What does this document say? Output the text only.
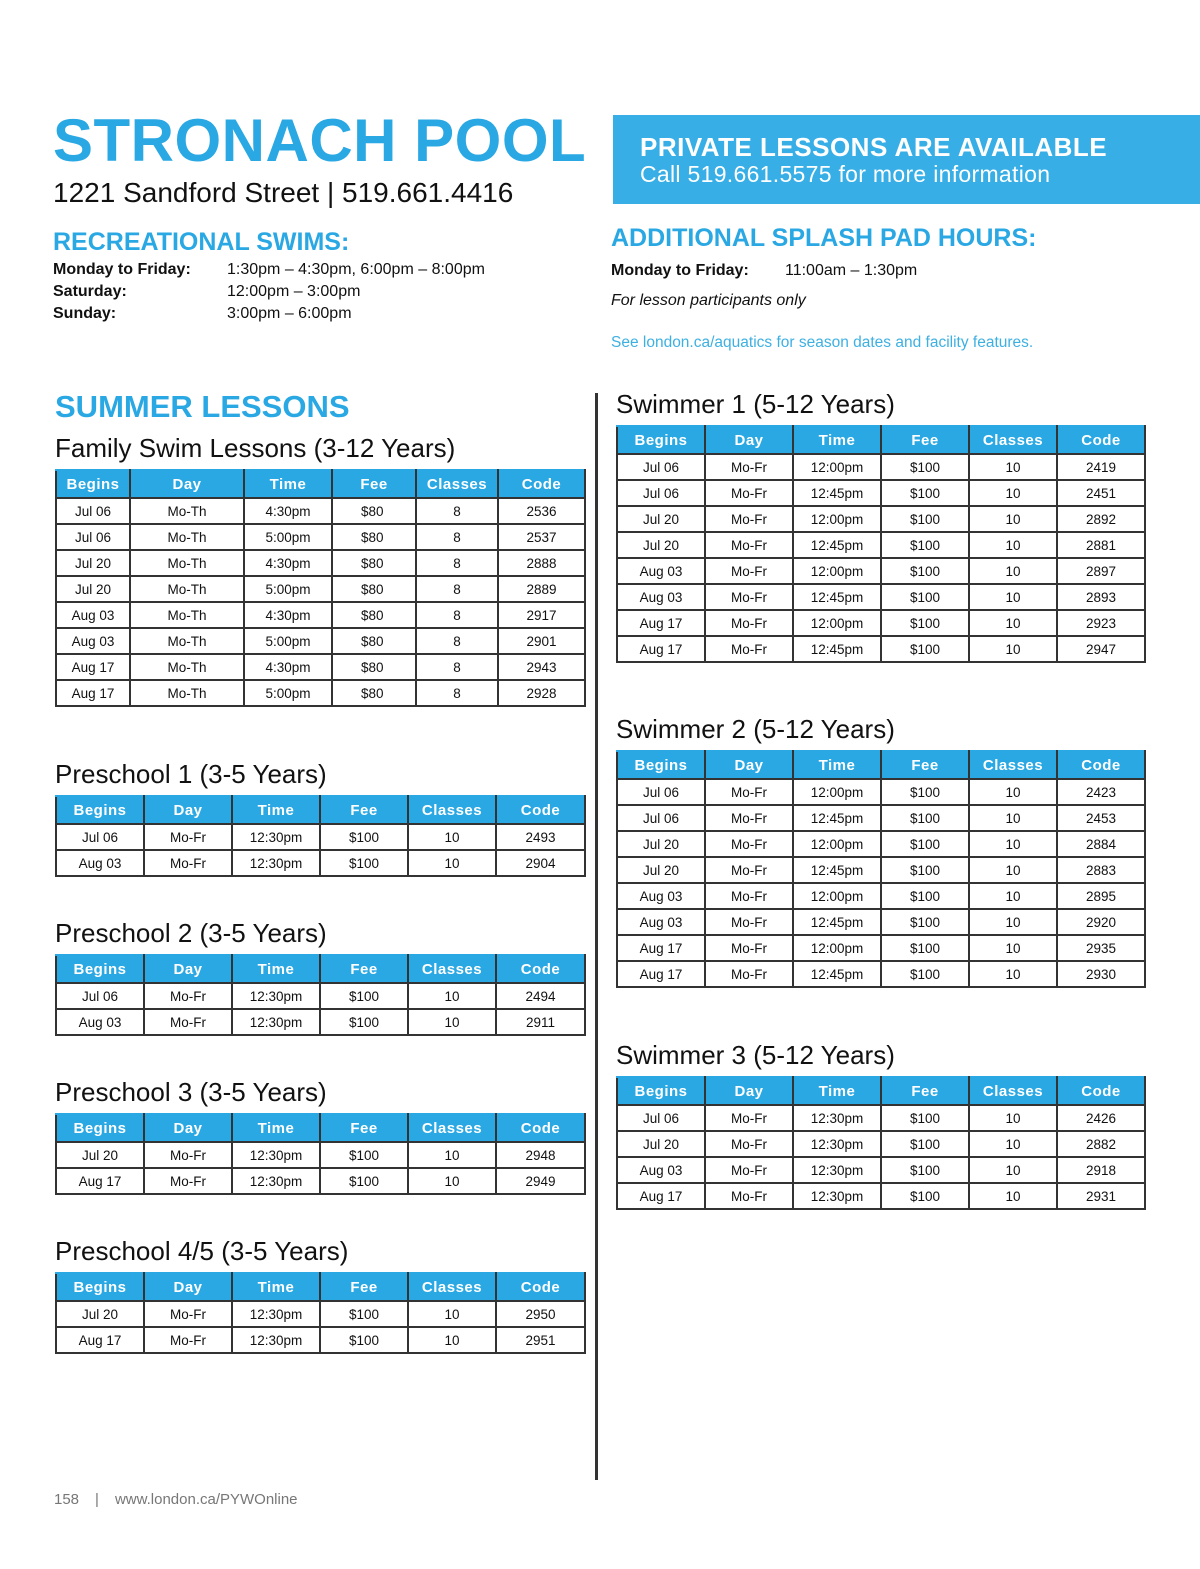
STRONACH POOL
1221 Sandford Street | 519.661.4416
PRIVATE LESSONS ARE AVAILABLE
Call 519.661.5575 for more information
RECREATIONAL SWIMS:
Monday to Friday:	1:30pm – 4:30pm, 6:00pm – 8:00pm
Saturday:	12:00pm – 3:00pm
Sunday:	3:00pm – 6:00pm
ADDITIONAL SPLASH PAD HOURS:
Monday to Friday:	11:00am – 1:30pm
For lesson participants only
See london.ca/aquatics for season dates and facility features.
SUMMER LESSONS
Family Swim Lessons (3-12 Years)
Preschool 1 (3-5 Years)
Preschool 2 (3-5 Years)
Preschool 3 (3-5 Years)
Preschool 4/5 (3-5 Years)
Swimmer 1 (5-12 Years)
Swimmer 2 (5-12 Years)
Swimmer 3 (5-12 Years)
Begins	Day	Time	Fee	Classes	Code
Jul 06	Mo-Th	4:30pm	$80	8	2536
Jul 06	Mo-Th	5:00pm	$80	8	2537
Jul 20	Mo-Th	4:30pm	$80	8	2888
Jul 20	Mo-Th	5:00pm	$80	8	2889
Aug 03	Mo-Th	4:30pm	$80	8	2917
Aug 03	Mo-Th	5:00pm	$80	8	2901
Aug 17	Mo-Th	4:30pm	$80	8	2943
Aug 17	Mo-Th	5:00pm	$80	8	2928
Begins	Day	Time	Fee	Classes	Code
Jul 06	Mo-Fr	12:30pm	$100	10	2493
Aug 03	Mo-Fr	12:30pm	$100	10	2904
Begins	Day	Time	Fee	Classes	Code
Jul 06	Mo-Fr	12:30pm	$100	10	2494
Aug 03	Mo-Fr	12:30pm	$100	10	2911
Begins	Day	Time	Fee	Classes	Code
Jul 20	Mo-Fr	12:30pm	$100	10	2948
Aug 17	Mo-Fr	12:30pm	$100	10	2949
Begins	Day	Time	Fee	Classes	Code
Jul 20	Mo-Fr	12:30pm	$100	10	2950
Aug 17	Mo-Fr	12:30pm	$100	10	2951
Begins	Day	Time	Fee	Classes	Code
Jul 06	Mo-Fr	12:00pm	$100	10	2419
Jul 06	Mo-Fr	12:45pm	$100	10	2451
Jul 20	Mo-Fr	12:00pm	$100	10	2892
Jul 20	Mo-Fr	12:45pm	$100	10	2881
Aug 03	Mo-Fr	12:00pm	$100	10	2897
Aug 03	Mo-Fr	12:45pm	$100	10	2893
Aug 17	Mo-Fr	12:00pm	$100	10	2923
Aug 17	Mo-Fr	12:45pm	$100	10	2947
Begins	Day	Time	Fee	Classes	Code
Jul 06	Mo-Fr	12:00pm	$100	10	2423
Jul 06	Mo-Fr	12:45pm	$100	10	2453
Jul 20	Mo-Fr	12:00pm	$100	10	2884
Jul 20	Mo-Fr	12:45pm	$100	10	2883
Aug 03	Mo-Fr	12:00pm	$100	10	2895
Aug 03	Mo-Fr	12:45pm	$100	10	2920
Aug 17	Mo-Fr	12:00pm	$100	10	2935
Aug 17	Mo-Fr	12:45pm	$100	10	2930
Begins	Day	Time	Fee	Classes	Code
Jul 06	Mo-Fr	12:30pm	$100	10	2426
Jul 20	Mo-Fr	12:30pm	$100	10	2882
Aug 03	Mo-Fr	12:30pm	$100	10	2918
Aug 17	Mo-Fr	12:30pm	$100	10	2931
158 | www.london.ca/PYWOnline
